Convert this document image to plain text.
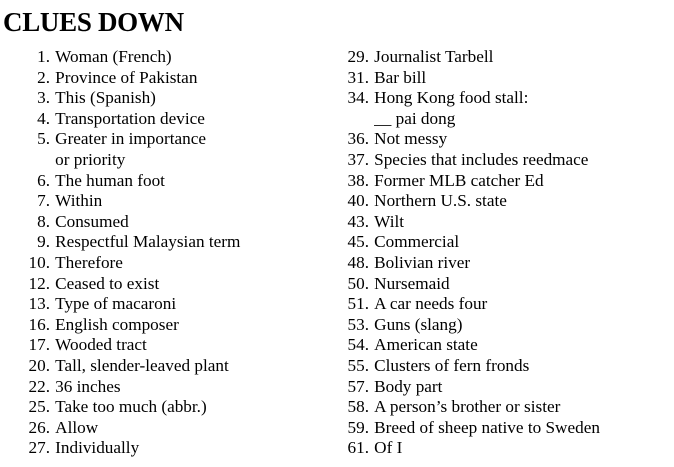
CLUES DOWN
1. Woman (French)
2. Province of Pakistan
3. This (Spanish)
4. Transportation device
5. Greater in importance
or priority
6. The human foot
7. Within
8. Consumed
9. Respectful Malaysian term
10. Therefore
12. Ceased to exist
13. Type of macaroni
16. English composer
17. Wooded tract
20. Tall, slender-leaved plant
22. 36 inches
25. Take too much (abbr.)
26. Allow
27. Individually
29. Journalist Tarbell
31. Bar bill
34. Hong Kong food stall:
__ pai dong
36. Not messy
37. Species that includes reedmace
38. Former MLB catcher Ed
40. Northern U.S. state
43. Wilt
45. Commercial
48. Bolivian river
50. Nursemaid
51. A car needs four
53. Guns (slang)
54. American state
55. Clusters of fern fronds
57. Body part
58. A person’s brother or sister
59. Breed of sheep native to Sweden
61. Of I
